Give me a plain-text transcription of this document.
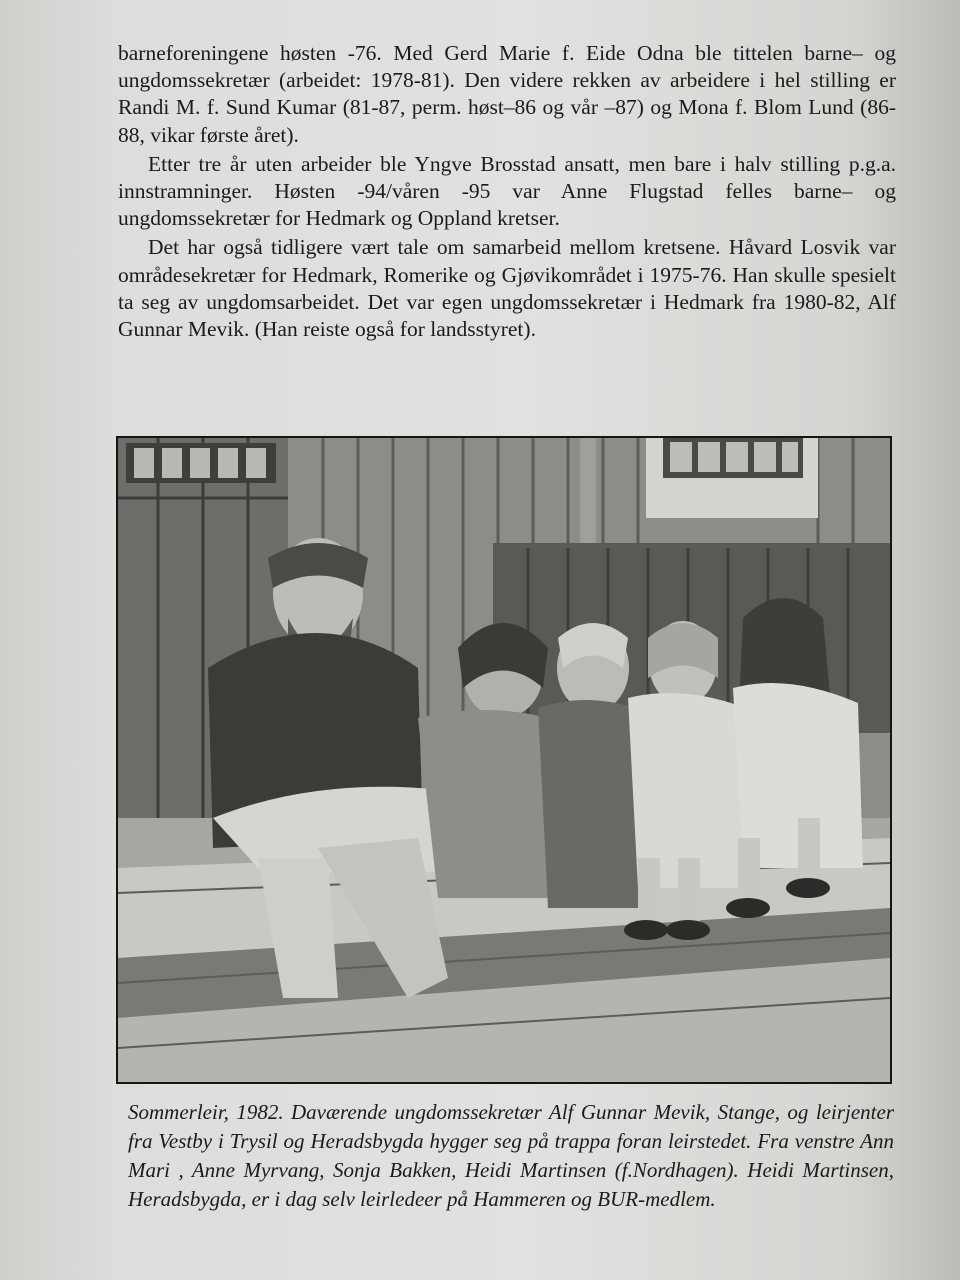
barneforeningene høsten -76. Med Gerd Marie f. Eide Odna ble tittelen barne– og ungdomssekretær (arbeidet: 1978-81). Den videre rekken av arbeidere i hel stilling er Randi M. f. Sund Kumar (81-87, perm. høst–86 og vår –87) og Mona f. Blom Lund (86-88, vikar første året).

Etter tre år uten arbeider ble Yngve Brosstad ansatt, men bare i halv stilling p.g.a. innstramninger. Høsten -94/våren -95 var Anne Flugstad felles barne– og ungdomssekretær for Hedmark og Oppland kretser.

Det har også tidligere vært tale om samarbeid mellom kretsene. Håvard Losvik var områdesekretær for Hedmark, Romerike og Gjøvikområdet i 1975-76. Han skulle spesielt ta seg av ungdomsarbeidet. Det var egen ungdomssekretær i Hedmark fra 1980-82, Alf Gunnar Mevik. (Han reiste også for landsstyret).

Sommerleir, 1982. Daværende ungdomssekretær Alf Gunnar Mevik, Stange, og leirjenter fra Vestby i Trysil og Heradsbygda hygger seg på trappa foran leirstedet. Fra venstre Ann Mari , Anne Myrvang, Sonja Bakken, Heidi Martinsen (f.Nordhagen). Heidi Martinsen, Heradsbygda, er i dag selv leirledeer på Hammeren og BUR-medlem.
